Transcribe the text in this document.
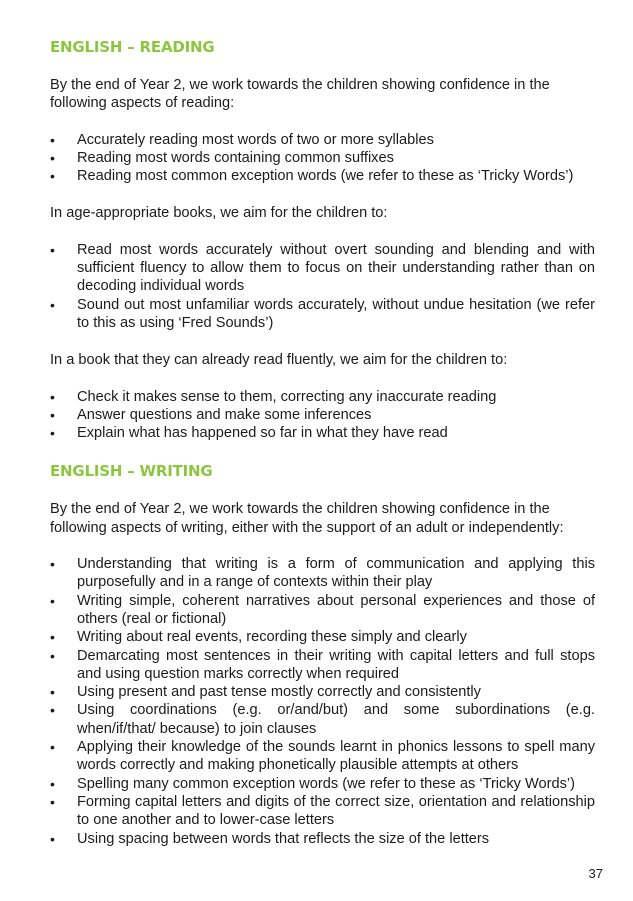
ENGLISH – READING

By the end of Year 2, we work towards the children showing confidence in the following aspects of reading:

• Accurately reading most words of two or more syllables
• Reading most words containing common suffixes
• Reading most common exception words (we refer to these as ‘Tricky Words’)

In age-appropriate books, we aim for the children to:

• Read most words accurately without overt sounding and blending and with sufficient fluency to allow them to focus on their understanding rather than on decoding individual words
• Sound out most unfamiliar words accurately, without undue hesitation (we refer to this as using ‘Fred Sounds’)

In a book that they can already read fluently, we aim for the children to:

• Check it makes sense to them, correcting any inaccurate reading
• Answer questions and make some inferences
• Explain what has happened so far in what they have read
ENGLISH – WRITING

By the end of Year 2, we work towards the children showing confidence in the following aspects of writing, either with the support of an adult or independently:

• Understanding that writing is a form of communication and applying this purposefully and in a range of contexts within their play
• Writing simple, coherent narratives about personal experiences and those of others (real or fictional)
• Writing about real events, recording these simply and clearly
• Demarcating most sentences in their writing with capital letters and full stops and using question marks correctly when required
• Using present and past tense mostly correctly and consistently
• Using coordinations (e.g. or/and/but) and some subordinations (e.g. when/if/that/ because) to join clauses
• Applying their knowledge of the sounds learnt in phonics lessons to spell many words correctly and making phonetically plausible attempts at others
• Spelling many common exception words (we refer to these as ‘Tricky Words’)
• Forming capital letters and digits of the correct size, orientation and relationship to one another and to lower-case letters
• Using spacing between words that reflects the size of the letters
37
